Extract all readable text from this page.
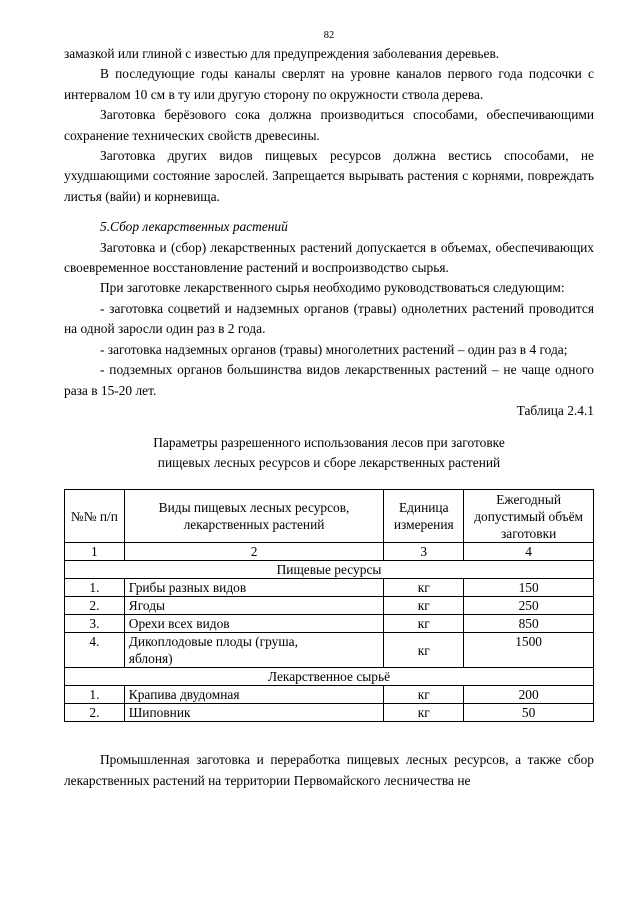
82

замазкой или глиной с известью для предупреждения заболевания деревьев.

В последующие годы каналы сверлят на уровне каналов первого года подсочки с интервалом 10 см в ту или другую сторону по окружности ствола дерева.

Заготовка берёзового сока должна производиться способами, обеспечивающими сохранение технических свойств древесины.

Заготовка других видов пищевых ресурсов должна вестись способами, не ухудшающими состояние зарослей. Запрещается вырывать растения с корнями, повреждать листья (вайи) и корневища.

5.Сбор лекарственных растений

Заготовка и (сбор) лекарственных растений допускается в объемах, обеспечивающих своевременное восстановление растений и воспроизводство сырья.

При заготовке лекарственного сырья необходимо руководствоваться следующим:

- заготовка соцветий и надземных органов (травы) однолетних растений проводится на одной заросли один раз в 2 года.

- заготовка надземных органов (травы) многолетних растений – один раз в 4 года;

- подземных органов большинства видов лекарственных растений – не чаще одного раза в 15-20 лет.

Таблица 2.4.1

Параметры разрешенного использования лесов при заготовке
пищевых лесных ресурсов и сборе лекарственных растений
№№ п/п	Виды пищевых лесных ресурсов, лекарственных растений	Единица измерения	Ежегодный допустимый объём заготовки
1	2	3	4
Пищевые ресурсы			
1.	Грибы разных видов	кг	150
2.	Ягоды	кг	250
3.	Орехи всех видов	кг	850
4.	Дикоплодовые плоды (груша, яблоня)	кг	1500
Лекарственное сырьё			
1.	Крапива двудомная	кг	200
2.	Шиповник	кг	50

Промышленная заготовка и переработка пищевых лесных ресурсов, а также сбор лекарственных растений на территории Первомайского лесничества не
